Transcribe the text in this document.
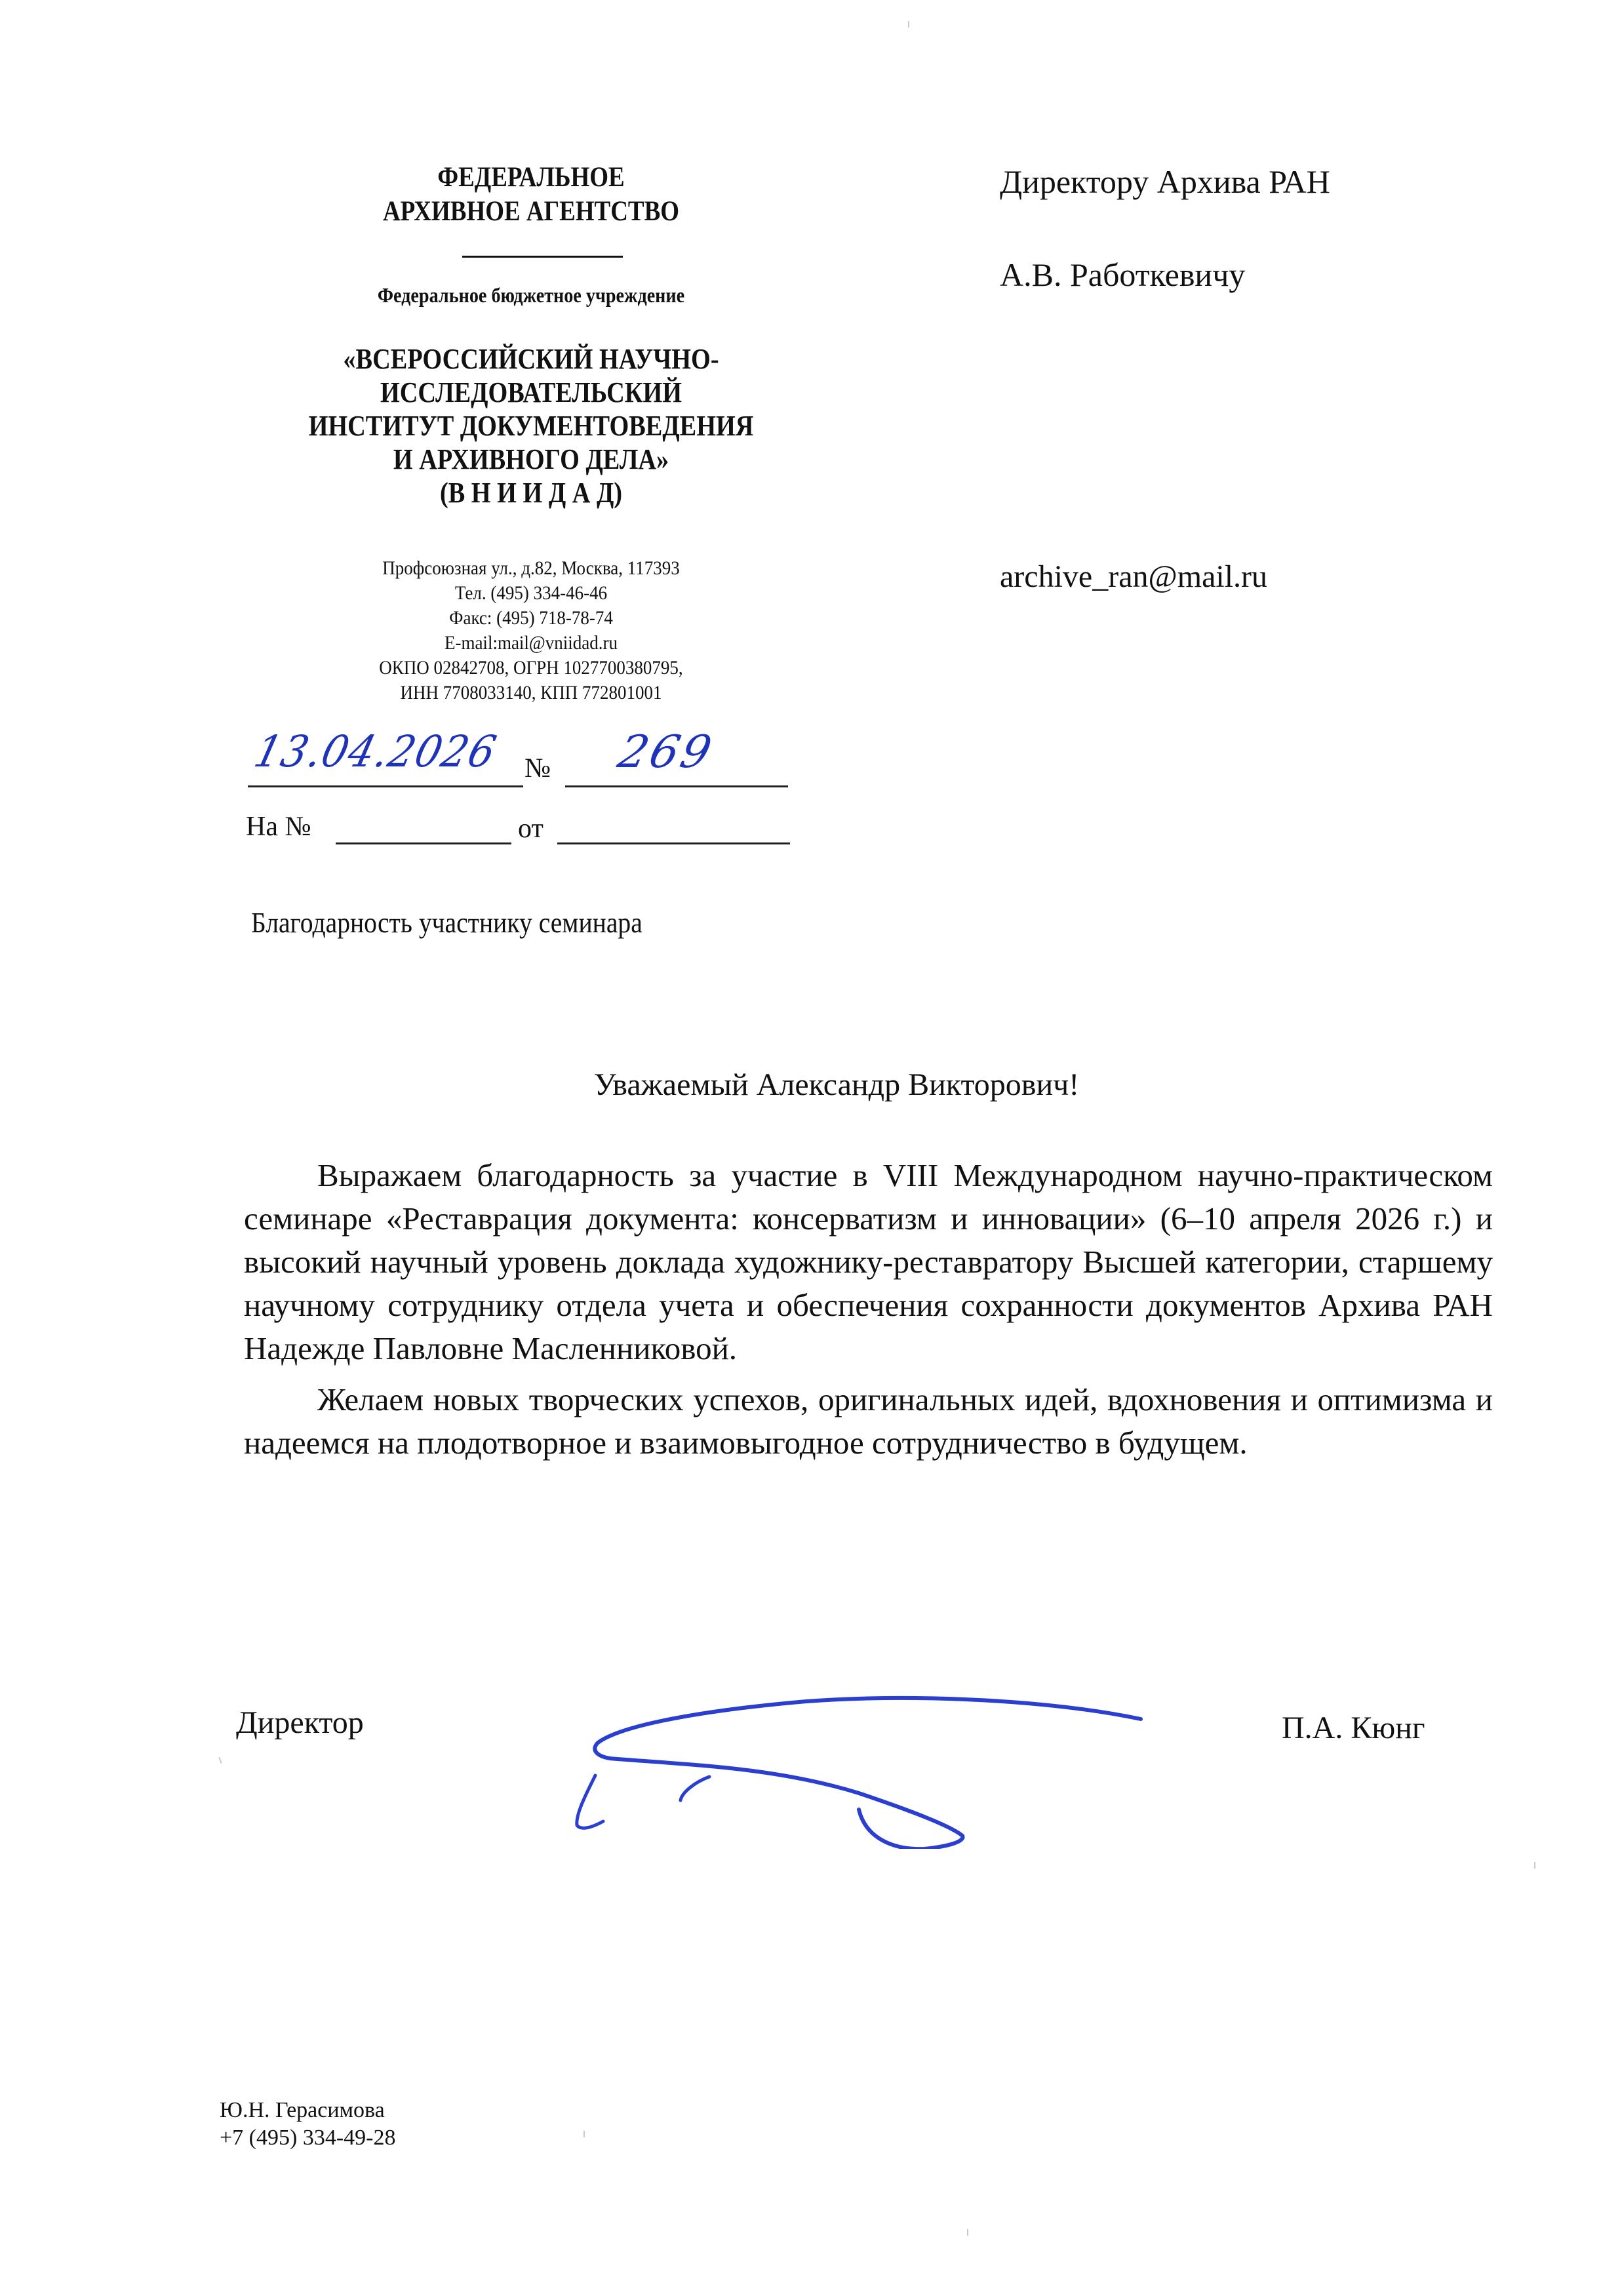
ФЕДЕРАЛЬНОЕ
АРХИВНОЕ АГЕНТСТВО
Федеральное бюджетное учреждение
«ВСЕРОССИЙСКИЙ НАУЧНО-
ИССЛЕДОВАТЕЛЬСКИЙ
ИНСТИТУТ ДОКУМЕНТОВЕДЕНИЯ
И АРХИВНОГО ДЕЛА»
(В Н И И Д А Д)
Профсоюзная ул., д.82, Москва, 117393
Тел. (495) 334-46-46
Факс: (495) 718-78-74
E-mail:mail@vniidad.ru
ОКПО 02842708, ОГРН 1027700380795,
ИНН 7708033140, КПП 772801001
13.04.2026 № 269
На №	от
Благодарность участнику семинара
Директору Архива РАН
А.В. Работкевичу
archive_ran@mail.ru
Уважаемый Александр Викторович!

Выражаем благодарность за участие в VIII Международном научно-практическом семинаре «Реставрация документа: консерватизм и инновации» (6–10 апреля 2026 г.) и высокий научный уровень доклада художнику-реставратору Высшей категории, старшему научному сотруднику отдела учета и обеспечения сохранности документов Архива РАН Надежде Павловне Масленниковой.

Желаем новых творческих успехов, оригинальных идей, вдохновения и оптимизма и надеемся на плодотворное и взаимовыгодное сотрудничество в будущем.

Директор	П.А. Кюнг
Ю.Н. Герасимова
+7 (495) 334-49-28
